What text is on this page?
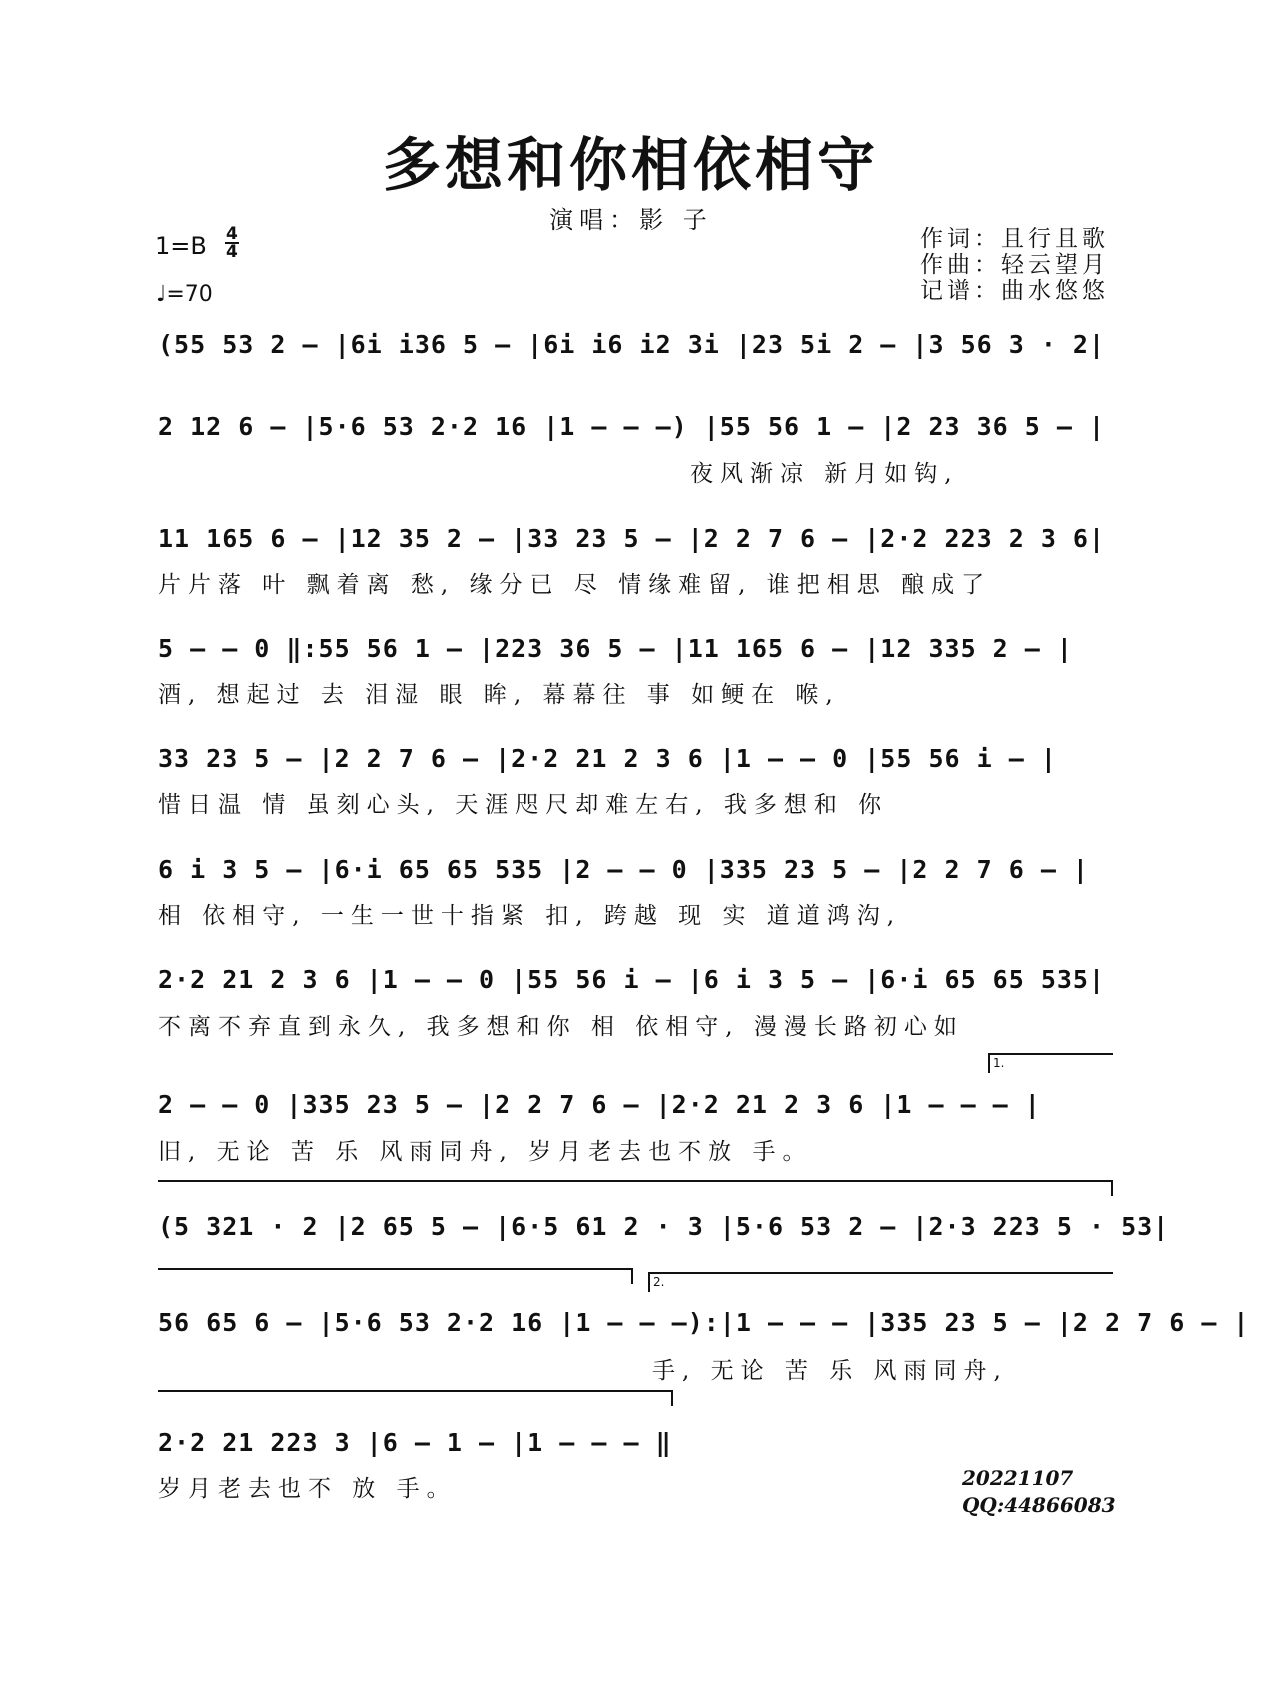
多想和你相依相守
演唱：影 子
作词：且行且歌
作曲：轻云望月
记谱：曲水悠悠
1=B 4
4
♩=70
(55 53 2 – |6i i36 5 – |6i i6 i2 3i |23 5i 2 – |3 56 3 · 2|
2 12 6 – |5·6 53 2·2 16 |1 – – –) |55 56 1 – |2 23 36 5 – |
夜风渐凉 新月如钩,
11 165 6 – |12 35 2 – |33 23 5 – |2 2 7 6 – |2·2 223 2 3 6|
片片落 叶 飘着离 愁, 缘分已 尽 情缘难留, 谁把相思 酿成了
5 – – 0 ‖:55 56 1 – |223 36 5 – |11 165 6 – |12 335 2 – |
酒, 想起过 去 泪湿 眼 眸, 幕幕往 事 如鲠在 喉,
33 23 5 – |2 2 7 6 – |2·2 21 2 3 6 |1 – – 0 |55 56 i – |
惜日温 情 虽刻心头, 天涯咫尺却难左右, 我多想和 你
6 i 3 5 – |6·i 65 65 535 |2 – – 0 |335 23 5 – |2 2 7 6 – |
相 依相守, 一生一世十指紧 扣, 跨越 现 实 道道鸿沟,
2·2 21 2 3 6 |1 – – 0 |55 56 i – |6 i 3 5 – |6·i 65 65 535|
不离不弃直到永久, 我多想和你 相 依相守, 漫漫长路初心如
1.
2 – – 0 |335 23 5 – |2 2 7 6 – |2·2 21 2 3 6 |1 – – – |
旧, 无论 苦 乐 风雨同舟, 岁月老去也不放 手。
(5 321 · 2 |2 65 5 – |6·5 61 2 · 3 |5·6 53 2 – |2·3 223 5 · 53|
2.
56 65 6 – |5·6 53 2·2 16 |1 – – –):|1 – – – |335 23 5 – |2 2 7 6 – |
手, 无论 苦 乐 风雨同舟,
2·2 21 223 3 |6 – 1 – |1 – – – ‖
岁月老去也不 放 手。	20221107
QQ:44866083
